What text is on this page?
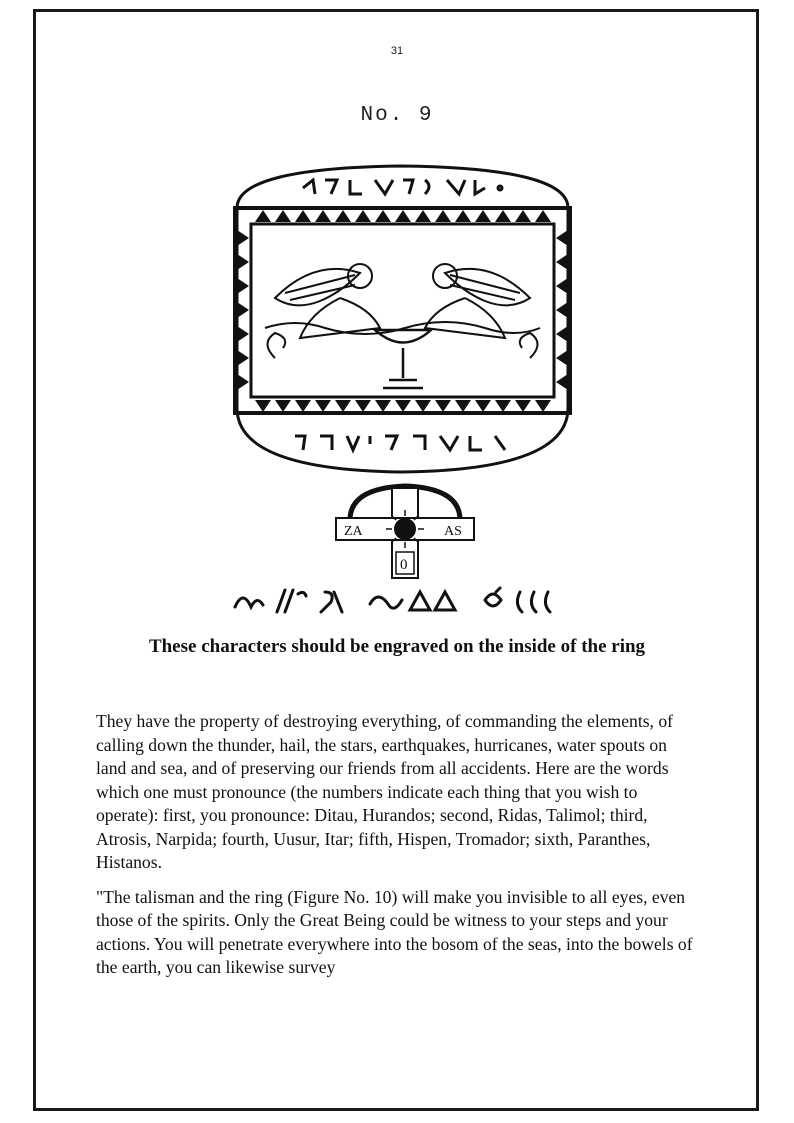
31
No. 9
ZA	AS
0
These characters should be engraved on the inside of the ring

They have the property of destroying everything, of commanding the elements, of calling down the thunder, hail, the stars, earthquakes, hurricanes, water spouts on land and sea, and of preserving our friends from all accidents. Here are the words which one must pronounce (the numbers indicate each thing that you wish to operate): first, you pronounce: Ditau, Hurandos; second, Ridas, Talimol; third, Atrosis, Narpida; fourth, Uusur, Itar; fifth, Hispen, Tromador; sixth, Paranthes, Histanos.

"The talisman and the ring (Figure No. 10) will make you invisible to all eyes, even those of the spirits. Only the Great Being could be witness to your steps and your actions. You will penetrate everywhere into the bosom of the seas, into the bowels of the earth, you can likewise survey
